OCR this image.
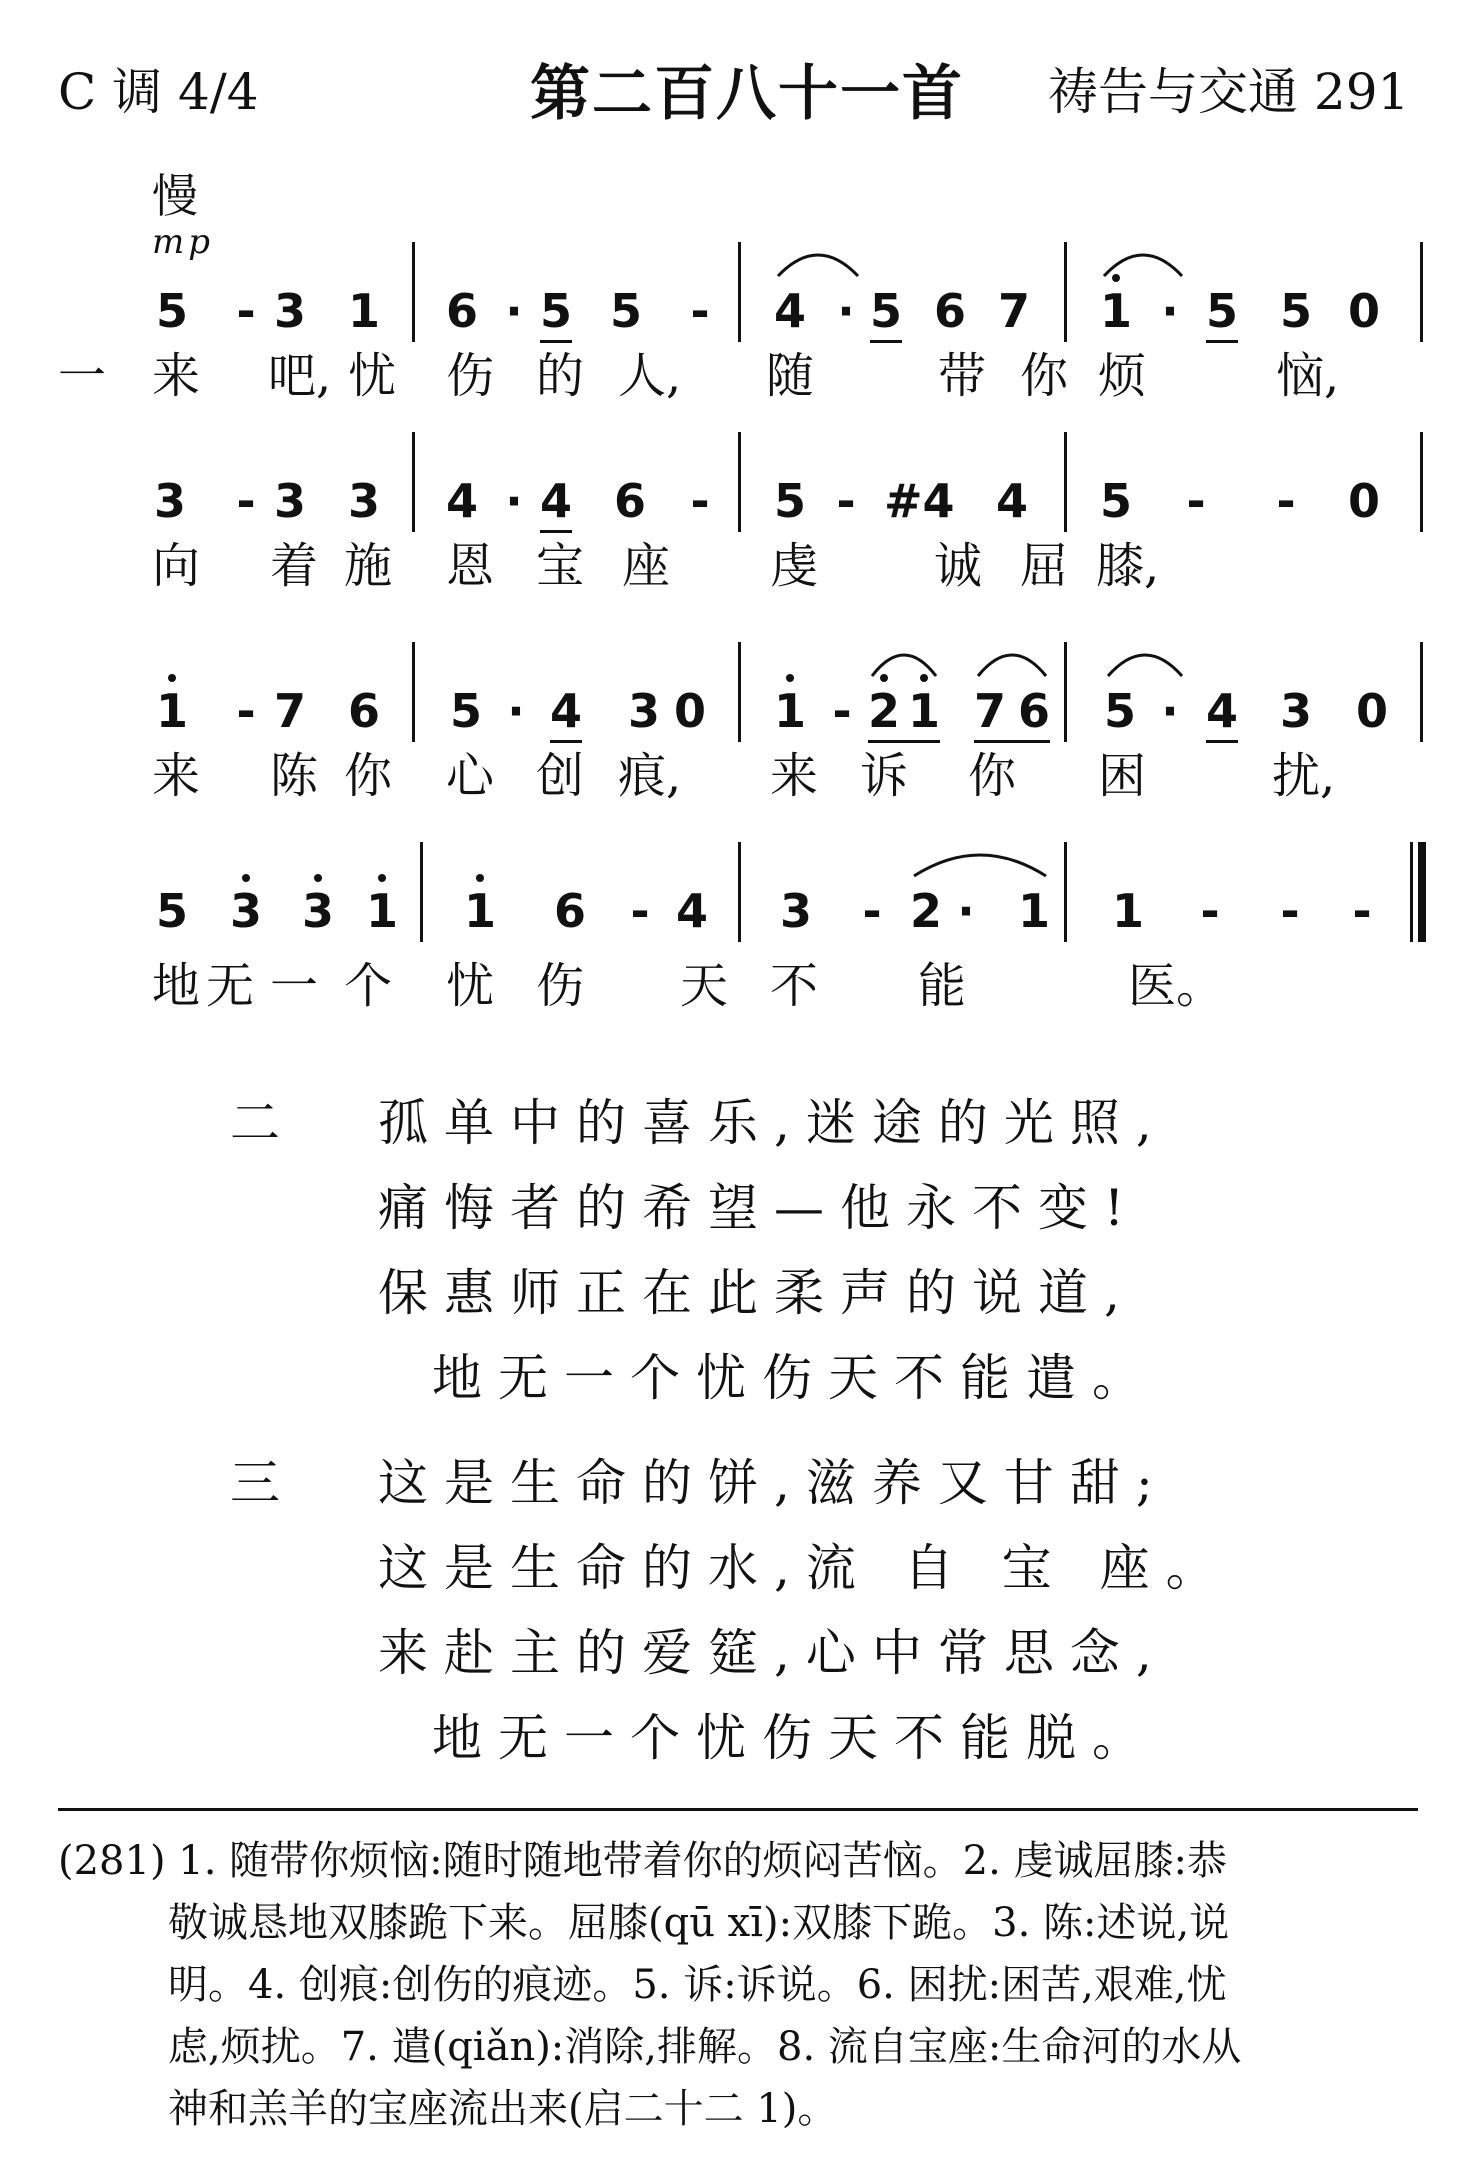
C 调 4/4	第二百八十一首 祷告与交通 291
慢
mp
5 - 3 1 6 · 5 5 - 4 · 5 6 7 1 · 5 5 0
一 来 吧, 忧 伤 的 人, 随	带 你 烦	恼,
3 - 3 3 4 · 4 6 - 5 - #4 4 5 - - 0
向 着 施 恩 宝 座 虔 诚 屈 膝,
1 - 7 6 5 · 4 3 0 1 - 2 1 7 6 5 · 4 3 0
来 陈 你 心 创 痕, 来 诉 你 困	扰,
5 3 3 1 1 6 - 4 3 - 2 · 1 1 - - -
地 无 一 个 忧 伤 天 不 能	医。
二 孤单中的喜乐,迷途的光照,
痛悔者的希望—他永不变!
保惠师正在此柔声的说道,
地无一个忧伤天不能遣。
三 这是生命的饼,滋养又甘甜;
这是生命的水,流 自 宝 座。
来赴主的爱筵,心中常思念,
地无一个忧伤天不能脱。
(281) 1. 随带你烦恼:随时随地带着你的烦闷苦恼。2. 虔诚屈膝:恭
敬诚恳地双膝跪下来。屈膝(qū xī):双膝下跪。3. 陈:述说,说
明。4. 创痕:创伤的痕迹。5. 诉:诉说。6. 困扰:困苦,艰难,忧
虑,烦扰。7. 遣(qiǎn):消除,排解。8. 流自宝座:生命河的水从
神和羔羊的宝座流出来(启二十二 1)。
